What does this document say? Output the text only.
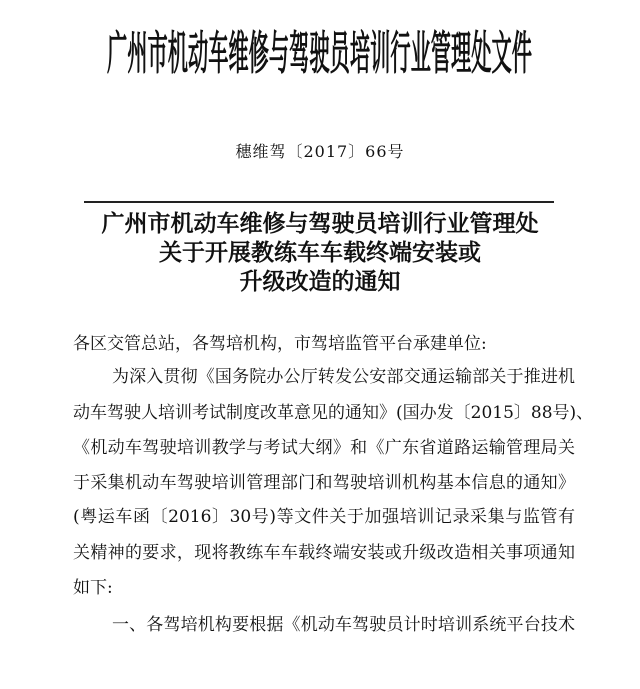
广州市机动车维修与驾驶员培训行业管理处文件
穗维驾〔2017〕66号
广州市机动车维修与驾驶员培训行业管理处
关于开展教练车车载终端安装或
升级改造的通知
各区交管总站，各驾培机构，市驾培监管平台承建单位:
为深入贯彻《国务院办公厅转发公安部交通运输部关于推进机
动车驾驶人培训考试制度改革意见的通知》(国办发〔2015〕88号)、
《机动车驾驶培训教学与考试大纲》和《广东省道路运输管理局关
于采集机动车驾驶培训管理部门和驾驶培训机构基本信息的通知》
(粤运车函〔2016〕30号)等文件关于加强培训记录采集与监管有
关精神的要求，现将教练车车载终端安装或升级改造相关事项通知
如下:
一、各驾培机构要根据《机动车驾驶员计时培训系统平台技术
